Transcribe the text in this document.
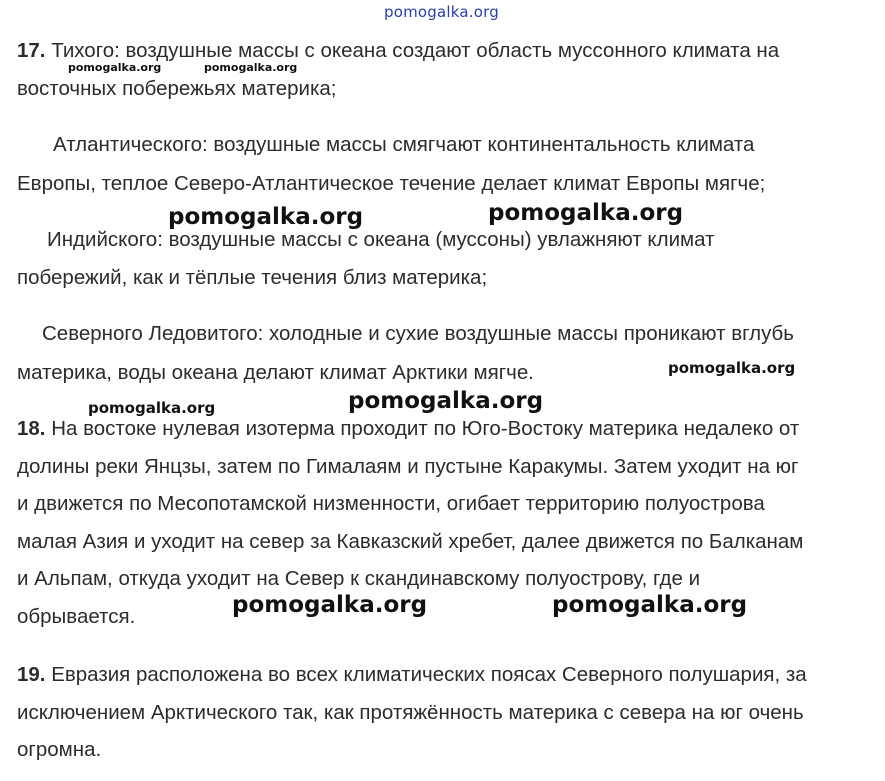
pomogalka.org
17. Тихого: воздушные массы с океана создают область муссонного климата на
pomogalka.org	pomogalka.org
восточных побережьях материка;
Атлантического: воздушные массы смягчают континентальность климата
Европы, теплое Северо-Атлантическое течение делает климат Европы мягче;
pomogalka.org	pomogalka.org
Индийского: воздушные массы с океана (муссоны) увлажняют климат
побережий, как и тёплые течения близ материка;
Северного Ледовитого: холодные и сухие воздушные массы проникают вглубь
материка, воды океана делают климат Арктики мягче.	pomogalka.org
pomogalka.org	pomogalka.org
18. На востоке нулевая изотерма проходит по Юго-Востоку материка недалеко от
долины реки Янцзы, затем по Гималаям и пустыне Каракумы. Затем уходит на юг
и движется по Месопотамской низменности, огибает территорию полуострова
малая Азия и уходит на север за Кавказский хребет, далее движется по Балканам
и Альпам, откуда уходит на Север к скандинавскому полуострову, где и
обрывается.	pomogalka.org	pomogalka.org
19. Евразия расположена во всех климатических поясах Северного полушария, за
исключением Арктического так, как протяжённость материка с севера на юг очень
огромна.
